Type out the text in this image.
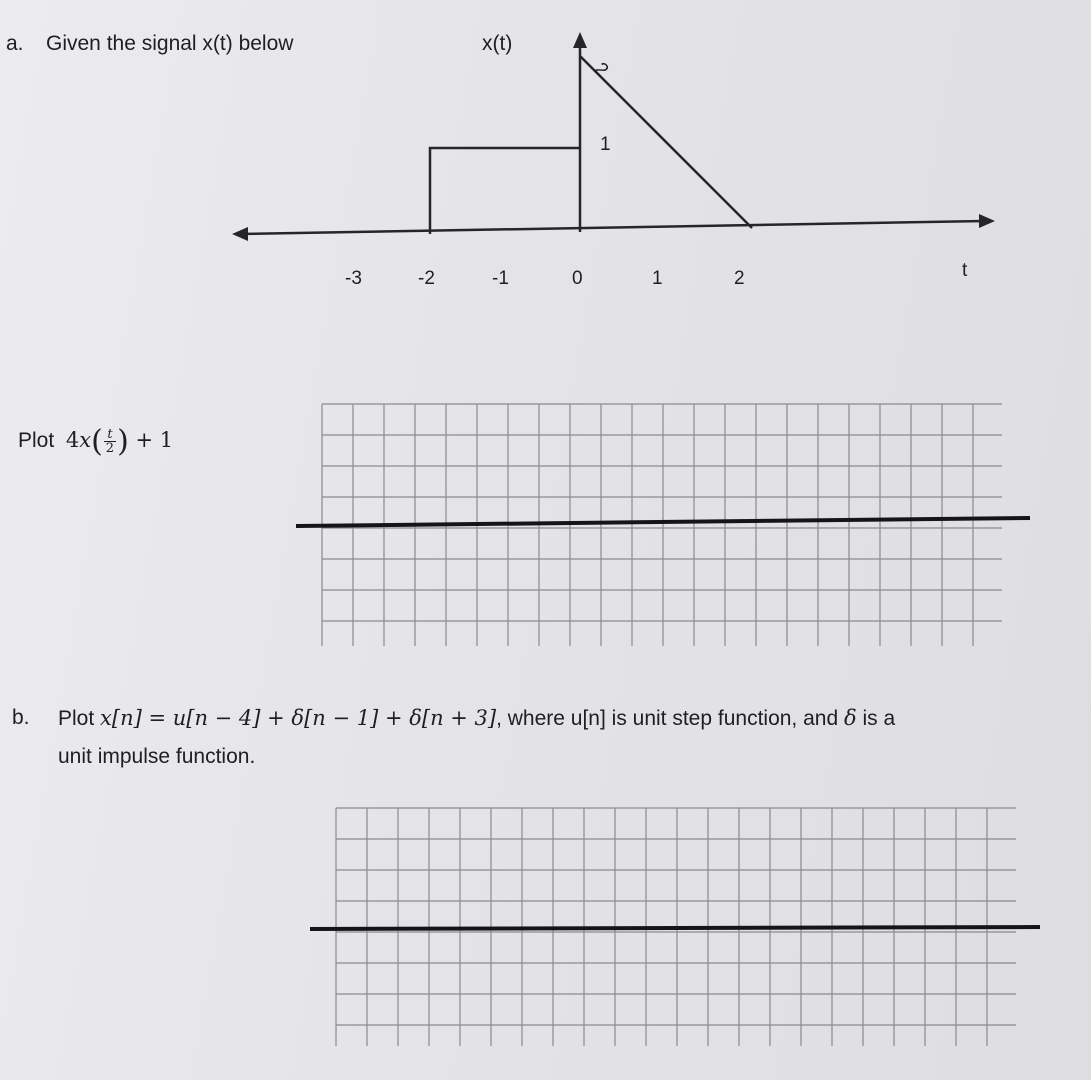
a. Given the signal x(t) below	x(t)
-3	-2	-1	0	1	2	t
1
2
Plot $4x( \frac{t}{2}$ ) + 1
b. Plot x[n] = u[n − 4] + δ[n − 1] + δ[n + 3], where u[n] is unit step function, and δ is a
unit impulse function.
